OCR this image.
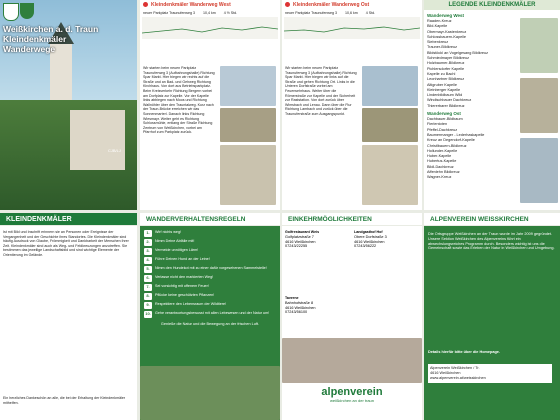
Weißkirchen a. d. Traun
Kleindenkmäler
Wanderwege
CJB/LJ
Kleindenkmäler Wanderweg West
neuer Parkplatz Traunufenweg 3 10,4 km 4 ½ Std.
Wir starten beim neuen Parkplatz Traunuferweg 3 (Aufbahrungshalle) Richtung Spar Markt. Hier biegen wir rechts auf die Straße und an Bad- und Gehweg Richtung Kirchhaus. Von dort aus Betriebsparkplatz. Beim Kreisverkehr Richtung Bergern vorbei am Dorfplatz zur Kapelle. Vor der Kapelle links abbiegen nach Moos und Richtung Wallnöhler über den Trauntalweg. Kurz nach der Traun-Brücke erreichen wir das Sonnenmarterl. Danach links Richtung Wiesmayr. Weiter geht es Richtung Schlossmühle, entlang der Straße Richtung Zentrum von Weißkirchen, vorbei am Pfarrhof zum Parkplatz zurück.
Kleindenkmäler Wanderweg Ost
neuer Parkplatz Traunufenweg 3 10,6 km 4 Std.
Wir starten beim neuen Parkplatz Traunuferweg 3 (Aufbahrungshalle) Richtung Spar Markt. Hier biegen wir links auf die Straße und gehen Richtung Ort. Links in die Unteren Dorfstraße vorbei am Feuerwehrhaus. Weiter über die Römerstraße zur Kapelle und der Sicherheit zur Raststation. Von dort zurück über Wimsbach und Lenau. Dann über die Flur Richtung Lambach und zurück über die Traunuferstraße zum Ausgangspunkt.
LEGENDE KLEINDENKMÄLER
Wanderweg West
Raaden-Kreuz
Bild-Kapelle
Obermayr-Kastenkreuz
Schlossbauern-Kapelle
Siebenkreuz
Trauner-Bildkreuz
Bildstöckl an Vogelgesang Bildkreuz
Schmiedmayer Bildkreuz
Holzbaumer-Bildkreuz
Pichlersdorfer Kapelle
Kapelle zu Bachl
Leonhartner Bildkreuz
Altigruber Kapelle
Kleinberger Kapelle
Lindenbildbaum Wild
Windischbauer Dachkreuz
Thiererbarer Bildkreuz
Wanderweg Ost
Dachbauer-Bildbaum
Fierlentoten
Pfeffel-Dachkreuz
Baumermanger - Lederhaskapelle
Kreuz an Degendorf-Kapelle
Christlbauern-Bildkreuz
Hollunder-Kapelle
Huber-Kapelle
Hubertus-Kapelle
Bildl-Dachkreuz
Affenlehn Bildkreuz
Wagner-Kreuz
KLEINDENKMÄLER	WANDERVERHALTENSREGELN	EINKEHRMÖGLICHKEITEN	ALPENVEREIN WEISSKIRCHEN
Ist mit Bild und Inschrift erinnern sie an Personen oder Ereignisse der Vergangenheit und der Geschichte ihres Standortes. Die Kleindenkmäler sind häufig Ausdruck von Glaube, Frömmigkeit und Dankbarkeit der Menschen ihrer Zeit. Kleindenkmäler sind auch als Weg- und Feldkreuzungen anzutreffen. Sie bestimmen das jeweilige Landschaftsbild und sind wichtige Elemente der Orientierung im Gelände.
Ein herzliches Dankeschön an alle, die bei der Erhaltung der Kleindenkmäler mithelfen.
1.	Wirf nichts weg!
2.	Nimm Deine Abfälle mit!
3.	Vermeide unnötigen Lärm!
4.	Führe Deinen Hund an der Leine!
5.	Nimm den Hundekot mit zu einer dafür vorgesehenen Sammelstelle!
6.	Verlasse nicht den markierten Weg!
7.	Sei vorsichtig mit offenem Feuer!
8.	Pflücke keine geschützten Pflanzen!
9.	Respektiere den Lebensraum der Wildtiere!
10.	Gehe verantwortungsbewusst mit allen Lebewesen und der Natur um!
Genieße die Natur und die Bewegung an der frischen Luft.
Golfrestaurant Weis
Golfplatzstraße 7
4616 Weißkirchen
07243/22255
Landgasthof Hof
Obere Dorfstraße 3
4616 Weißkirchen
07243/56222
Taverne
Bahnhofstraße 8
4616 Weißkirchen
07243/56100
alpenverein
weißkirchen an der traun
Die Ortsgruppe Weißkirchen an der Traun wurde im Jahr 2009 gegründet. Unsere Sektion Weißkirchen des Alpenvereins führt ein abwechslungsreiches Programm durch. Besonders wichtig ist uns die Gemeinschaft sowie das Erleben der Natur in Weißkirchen und Umgebung.
Details hierfür bitte über die Homepage.
Alpenverein Weißkirchen / Tr.
4616 Weißkirchen
www.alpenverein.at/weisskirchen
